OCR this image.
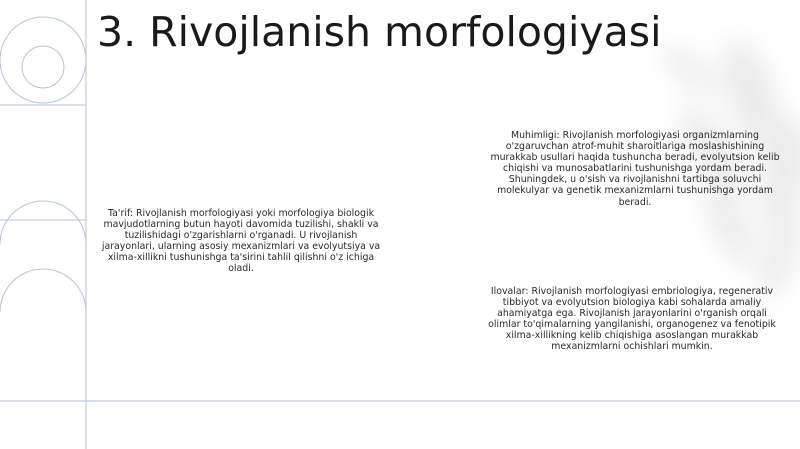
3. Rivojlanish morfologiyasi

Ta'rif: Rivojlanish morfologiyasi yoki morfologiya biologik mavjudotlarning butun hayoti davomida tuzilishi, shakli va tuzilishidagi o'zgarishlarni o'rganadi. U rivojlanish jarayonlari, ularning asosiy mexanizmlari va evolyutsiya va xilma-xillikni tushunishga ta'sirini tahlil qilishni o'z ichiga oladi.

Muhimligi: Rivojlanish morfologiyasi organizmlarning o'zgaruvchan atrof-muhit sharoitlariga moslashishining murakkab usullari haqida tushuncha beradi, evolyutsion kelib chiqishi va munosabatlarini tushunishga yordam beradi. Shuningdek, u o'sish va rivojlanishni tartibga soluvchi molekulyar va genetik mexanizmlarni tushunishga yordam beradi.

Ilovalar: Rivojlanish morfologiyasi embriologiya, regenerativ tibbiyot va evolyutsion biologiya kabi sohalarda amaliy ahamiyatga ega. Rivojlanish jarayonlarini o'rganish orqali olimlar to'qimalarning yangilanishi, organogenez va fenotipik xilma-xillikning kelib chiqishiga asoslangan murakkab mexanizmlarni ochishlari mumkin.
